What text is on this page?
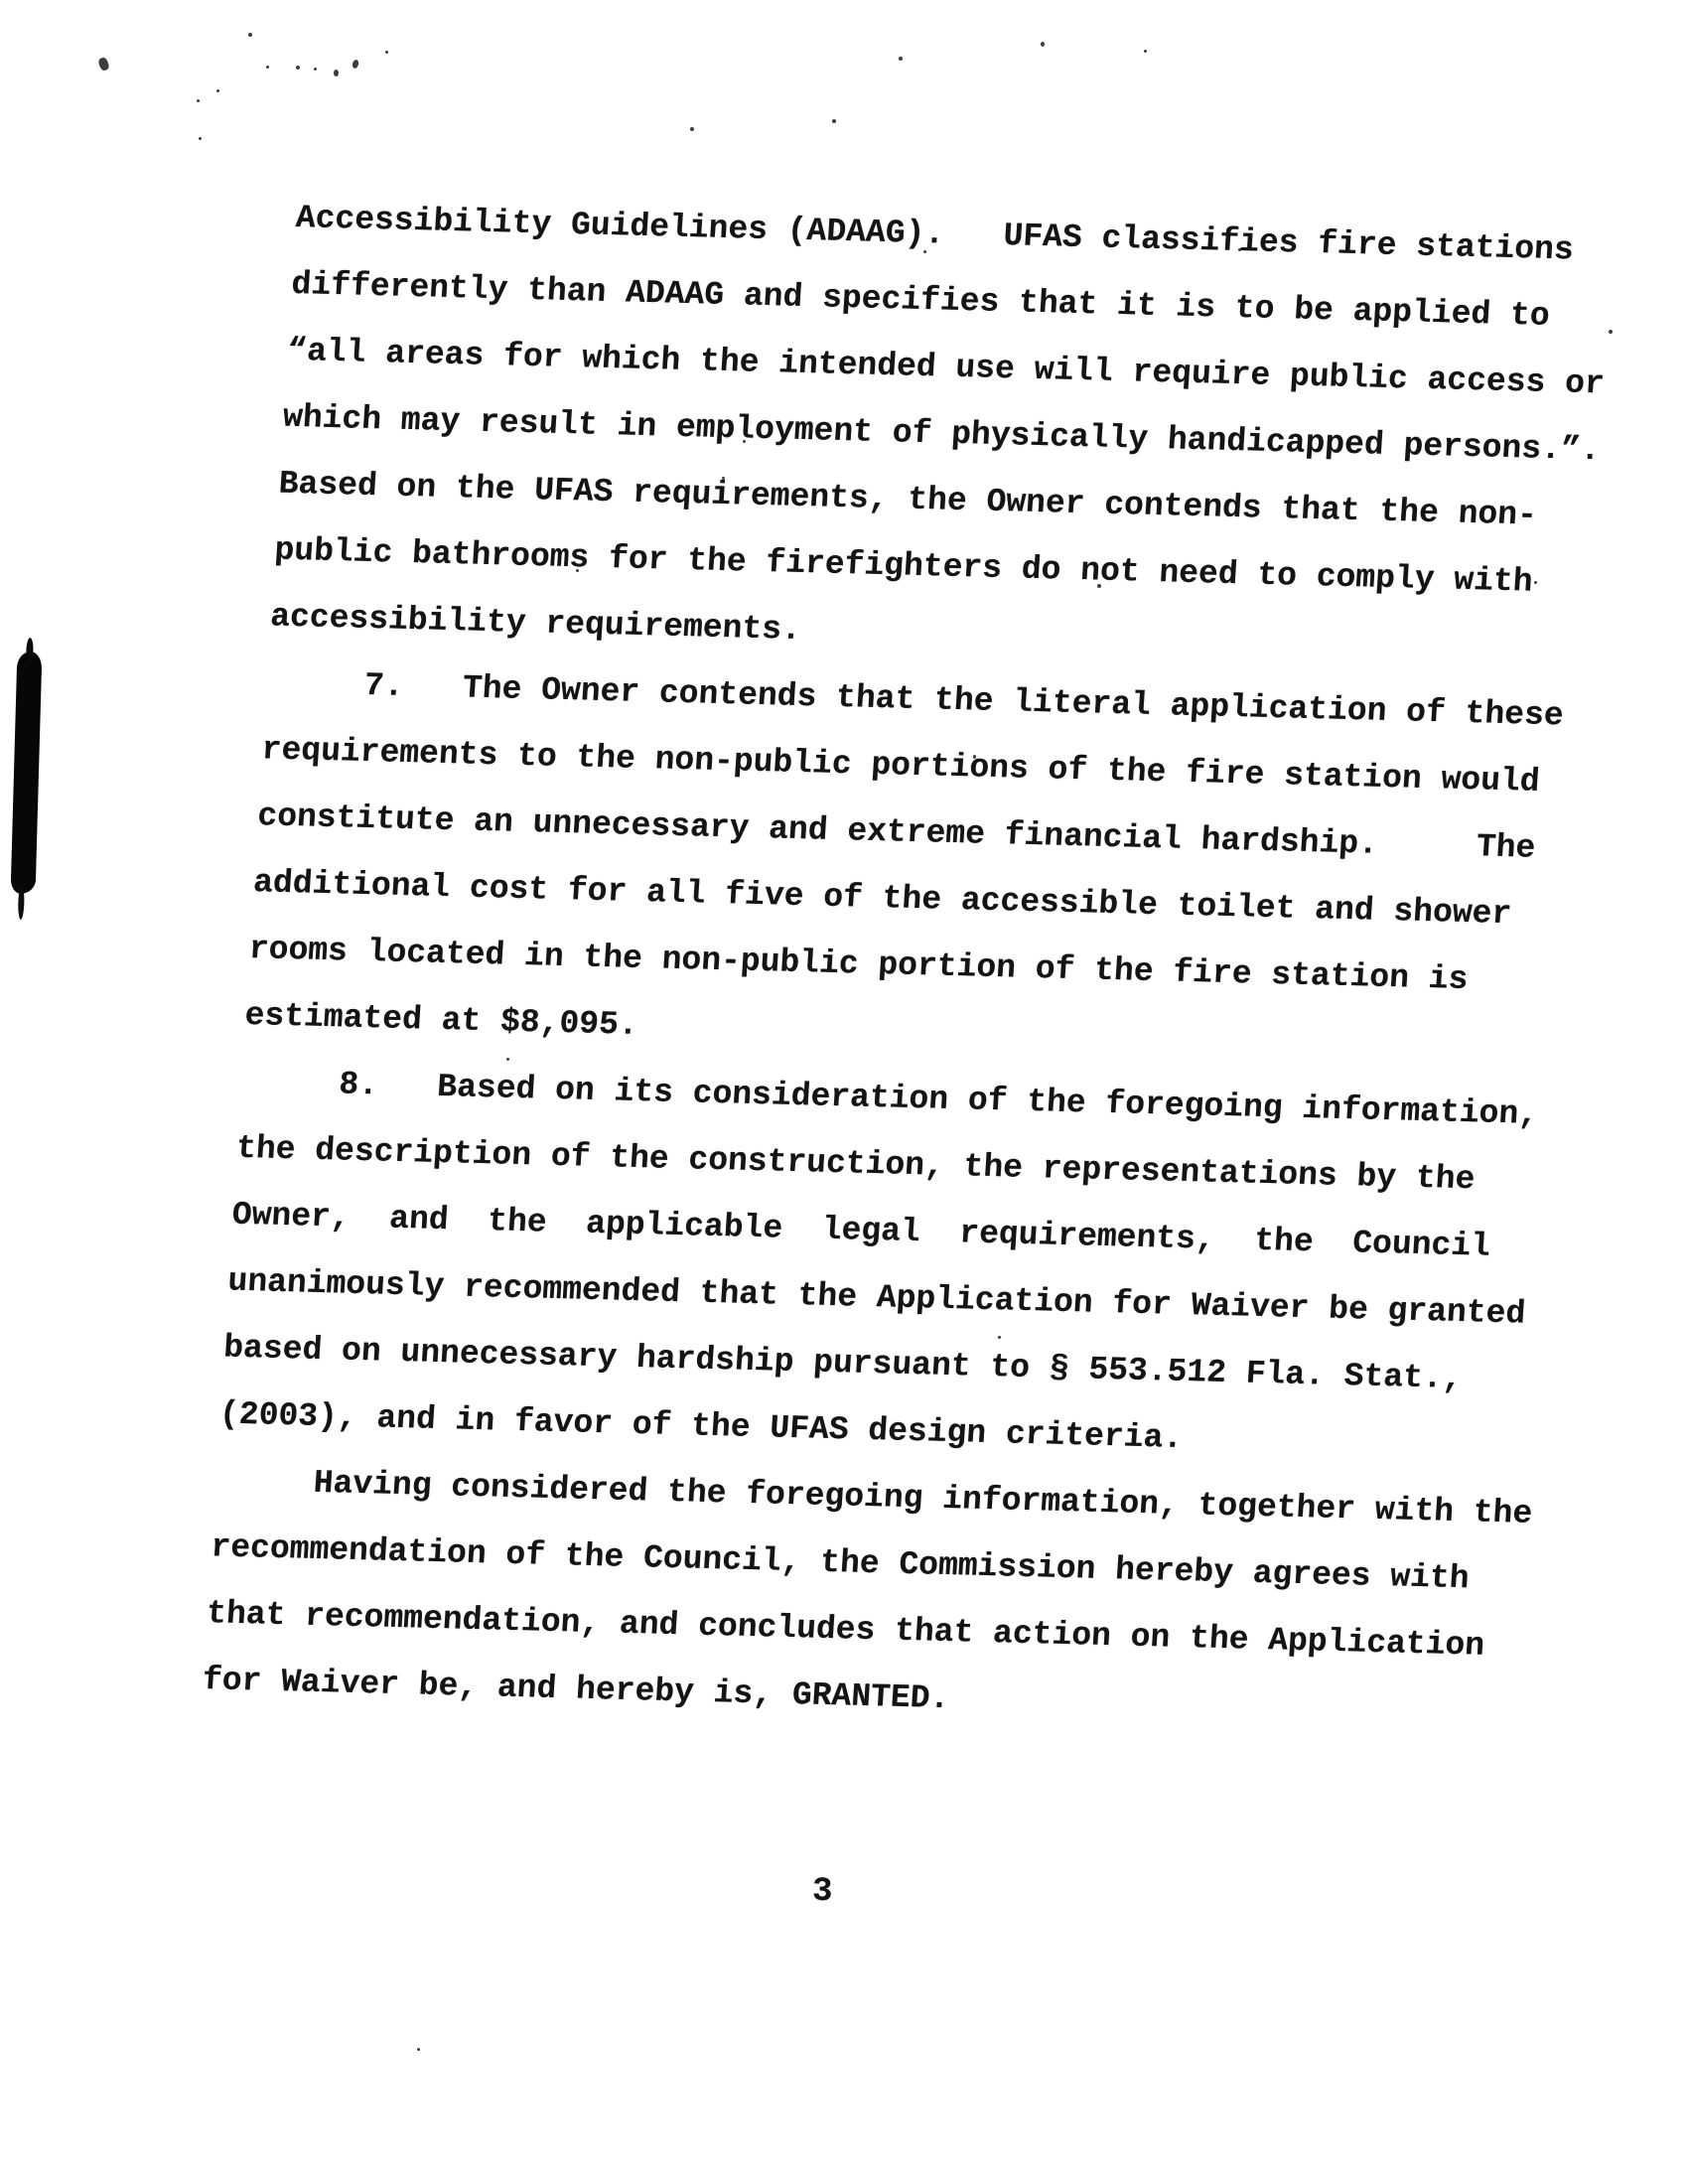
Accessibility Guidelines (ADAAG).   UFAS classifies fire stations
differently than ADAAG and specifies that it is to be applied to
“all areas for which the intended use will require public access or
which may result in employment of physically handicapped persons.”.
Based on the UFAS requirements, the Owner contends that the non-
public bathrooms for the firefighters do not need to comply with
accessibility requirements.
7.   The Owner contends that the literal application of these
requirements to the non-public portions of the fire station would
constitute an unnecessary and extreme financial hardship.     The
additional cost for all five of the accessible toilet and shower
rooms located in the non-public portion of the fire station is
estimated at $8,095.
8.   Based on its consideration of the foregoing information,
the description of the construction, the representations by the
Owner,  and  the  applicable  legal  requirements,  the  Council
unanimously recommended that the Application for Waiver be granted
based on unnecessary hardship pursuant to § 553.512 Fla. Stat.,
(2003), and in favor of the UFAS design criteria.
Having considered the foregoing information, together with the
recommendation of the Council, the Commission hereby agrees with
that recommendation, and concludes that action on the Application
for Waiver be, and hereby is, GRANTED.
3
